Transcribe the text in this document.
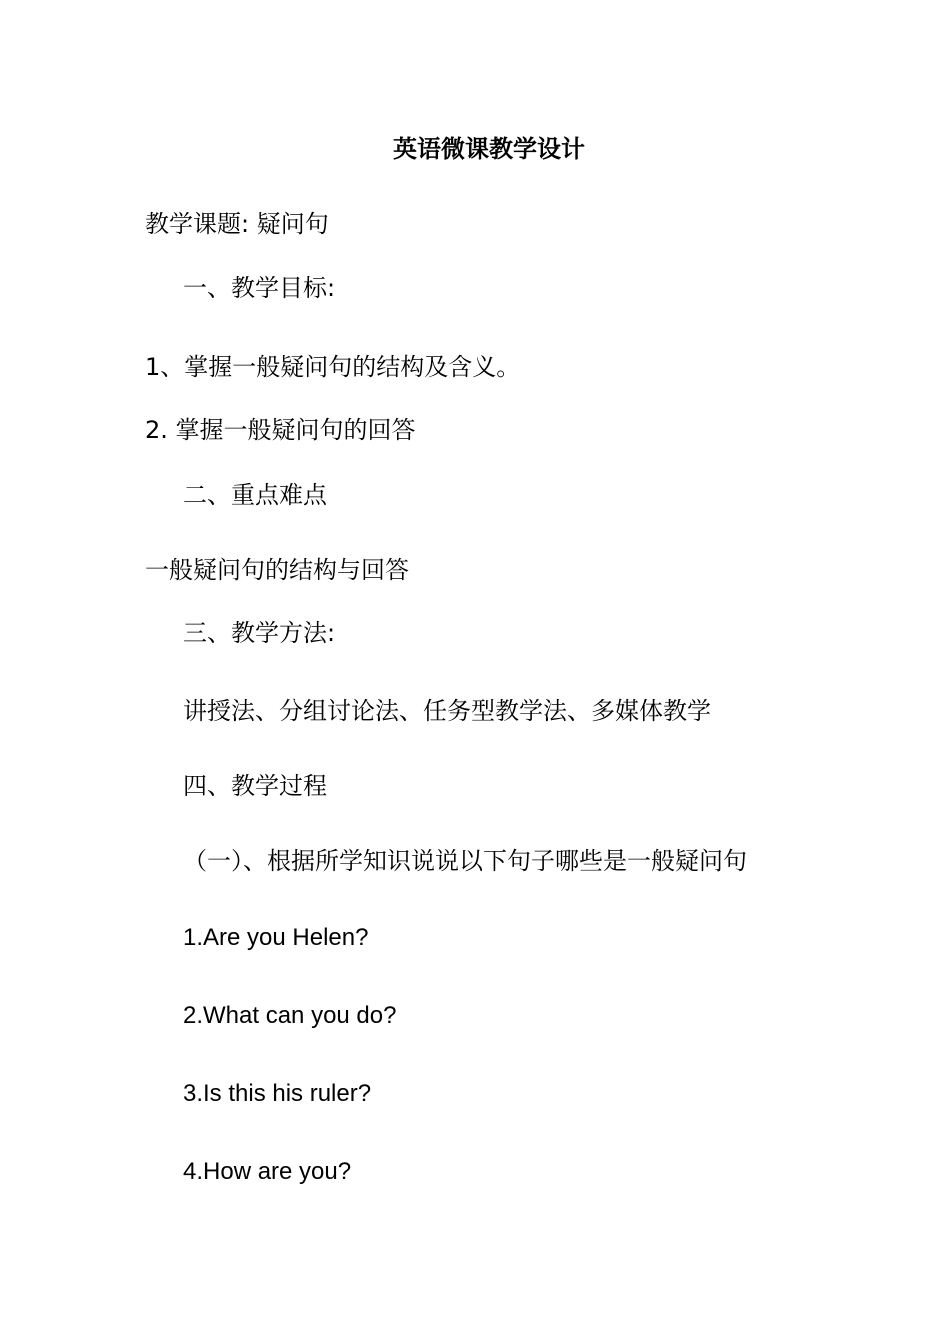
英语微课教学设计
教学课题: 疑问句
一、教学目标:
1、掌握一般疑问句的结构及含义。
2. 掌握一般疑问句的回答
二、重点难点
一般疑问句的结构与回答
三、教学方法:
讲授法、分组讨论法、任务型教学法、多媒体教学
四、教学过程
（一）、根据所学知识说说以下句子哪些是一般疑问句
1.Are you Helen?
2.What can you do?
3.Is this his ruler?
4.How are you?
